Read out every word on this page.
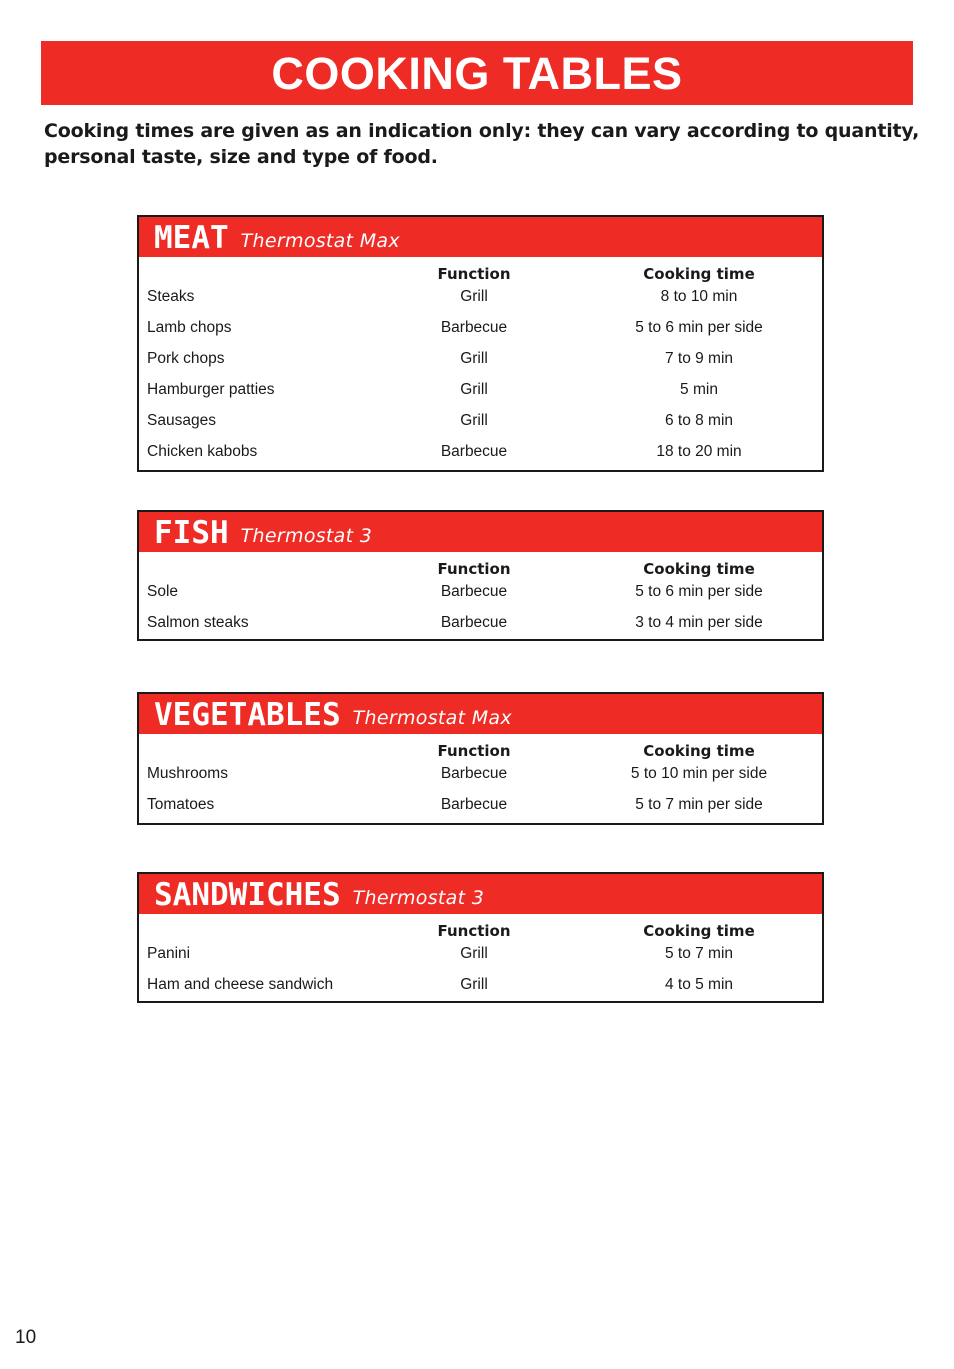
COOKING TABLES

Cooking times are given as an indication only: they can vary according to quantity, personal taste, size and type of food.

MEAT Thermostat Max
Function	Cooking time
Steaks	Grill	8 to 10 min
Lamb chops	Barbecue	5 to 6 min per side
Pork chops	Grill	7 to 9 min
Hamburger patties	Grill	5 min
Sausages	Grill	6 to 8 min
Chicken kabobs	Barbecue	18 to 20 min
FISH Thermostat 3
Function	Cooking time
Sole	Barbecue	5 to 6 min per side
Salmon steaks	Barbecue	3 to 4 min per side
VEGETABLES Thermostat Max
Function	Cooking time
Mushrooms	Barbecue	5 to 10 min per side
Tomatoes	Barbecue	5 to 7 min per side
SANDWICHES Thermostat 3
Function	Cooking time
Panini	Grill	5 to 7 min
Ham and cheese sandwich	Grill	4 to 5 min
10
